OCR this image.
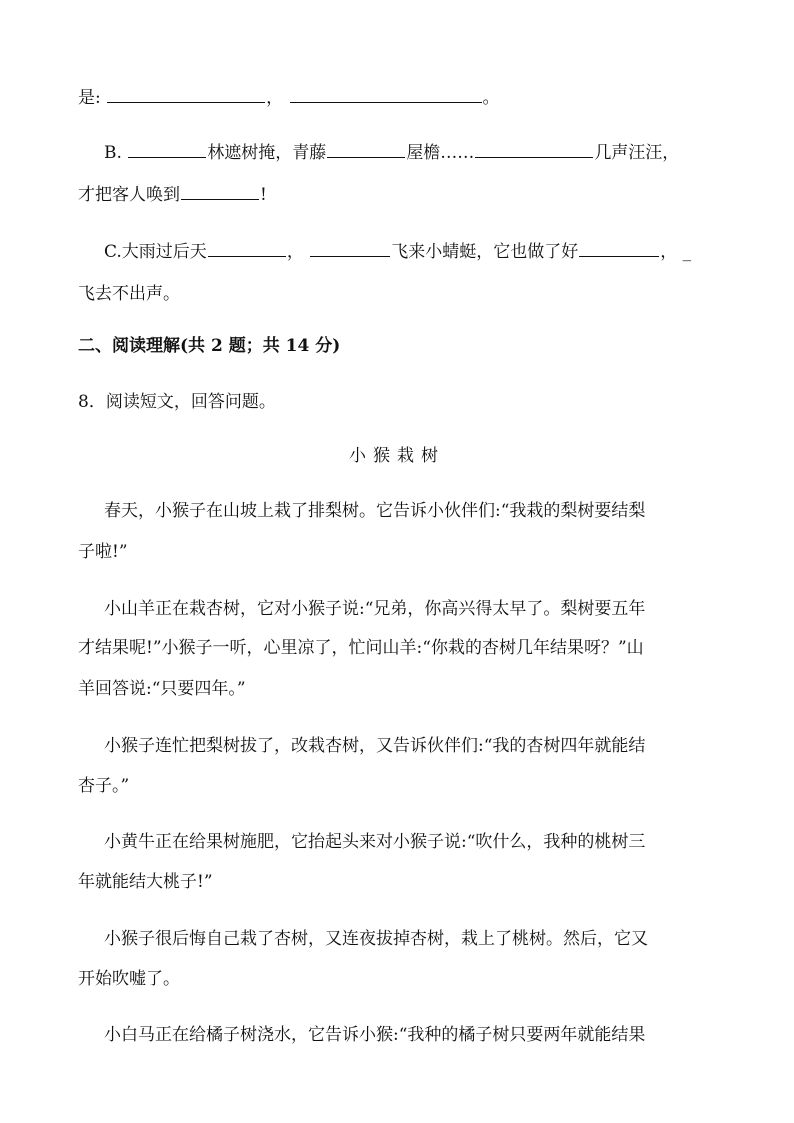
是:	，	。
B.	林遮树掩，青藤	屋檐……	几声汪汪，
才把客人唤到	!
C.大雨过后天	，	飞来小蜻蜓，它也做了好	， _
飞去不出声。
二、阅读理解(共 2 题；共 14 分)
8．阅读短文，回答问题。
小猴栽树
春天，小猴子在山坡上栽了排梨树。它告诉小伙伴们:“我栽的梨树要结梨
子啦!”
小山羊正在栽杏树，它对小猴子说:“兄弟，你高兴得太早了。梨树要五年
才结果呢!”小猴子一听，心里凉了，忙问山羊:“你栽的杏树几年结果呀？”山
羊回答说:“只要四年。”
小猴子连忙把梨树拔了，改栽杏树，又告诉伙伴们:“我的杏树四年就能结
杏子。”
小黄牛正在给果树施肥，它抬起头来对小猴子说:“吹什么，我种的桃树三
年就能结大桃子!”
小猴子很后悔自己栽了杏树，又连夜拔掉杏树，栽上了桃树。然后，它又
开始吹嘘了。
小白马正在给橘子树浇水，它告诉小猴:“我种的橘子树只要两年就能结果
